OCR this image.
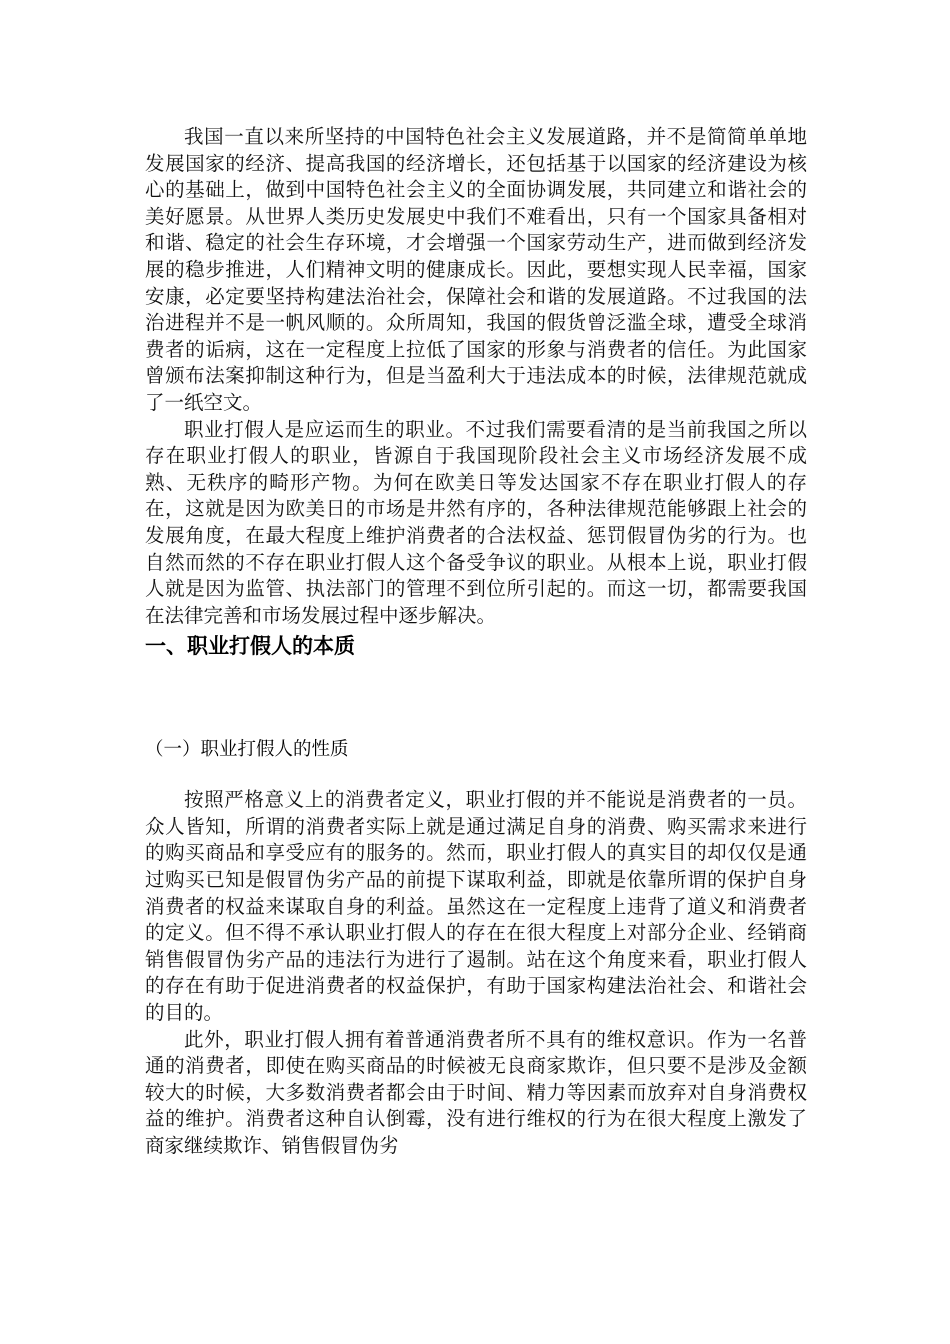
我国一直以来所坚持的中国特色社会主义发展道路，并不是简简单单地发展国家的经济、提高我国的经济增长，还包括基于以国家的经济建设为核心的基础上，做到中国特色社会主义的全面协调发展，共同建立和谐社会的美好愿景。从世界人类历史发展史中我们不难看出，只有一个国家具备相对和谐、稳定的社会生存环境，才会增强一个国家劳动生产，进而做到经济发展的稳步推进，人们精神文明的健康成长。因此，要想实现人民幸福，国家安康，必定要坚持构建法治社会，保障社会和谐的发展道路。不过我国的法治进程并不是一帆风顺的。众所周知，我国的假货曾泛滥全球，遭受全球消费者的诟病，这在一定程度上拉低了国家的形象与消费者的信任。为此国家曾颁布法案抑制这种行为，但是当盈利大于违法成本的时候，法律规范就成了一纸空文。

职业打假人是应运而生的职业。不过我们需要看清的是当前我国之所以存在职业打假人的职业，皆源自于我国现阶段社会主义市场经济发展不成熟、无秩序的畸形产物。为何在欧美日等发达国家不存在职业打假人的存在，这就是因为欧美日的市场是井然有序的，各种法律规范能够跟上社会的发展角度，在最大程度上维护消费者的合法权益、惩罚假冒伪劣的行为。也自然而然的不存在职业打假人这个备受争议的职业。从根本上说，职业打假人就是因为监管、执法部门的管理不到位所引起的。而这一切，都需要我国在法律完善和市场发展过程中逐步解决。

一、职业打假人的本质
（一）职业打假人的性质

按照严格意义上的消费者定义，职业打假的并不能说是消费者的一员。众人皆知，所谓的消费者实际上就是通过满足自身的消费、购买需求来进行的购买商品和享受应有的服务的。然而，职业打假人的真实目的却仅仅是通过购买已知是假冒伪劣产品的前提下谋取利益，即就是依靠所谓的保护自身消费者的权益来谋取自身的利益。虽然这在一定程度上违背了道义和消费者的定义。但不得不承认职业打假人的存在在很大程度上对部分企业、经销商销售假冒伪劣产品的违法行为进行了遏制。站在这个角度来看，职业打假人的存在有助于促进消费者的权益保护，有助于国家构建法治社会、和谐社会的目的。

此外，职业打假人拥有着普通消费者所不具有的维权意识。作为一名普通的消费者，即使在购买商品的时候被无良商家欺诈，但只要不是涉及金额较大的时候，大多数消费者都会由于时间、精力等因素而放弃对自身消费权益的维护。消费者这种自认倒霉，没有进行维权的行为在很大程度上激发了商家继续欺诈、销售假冒伪劣
